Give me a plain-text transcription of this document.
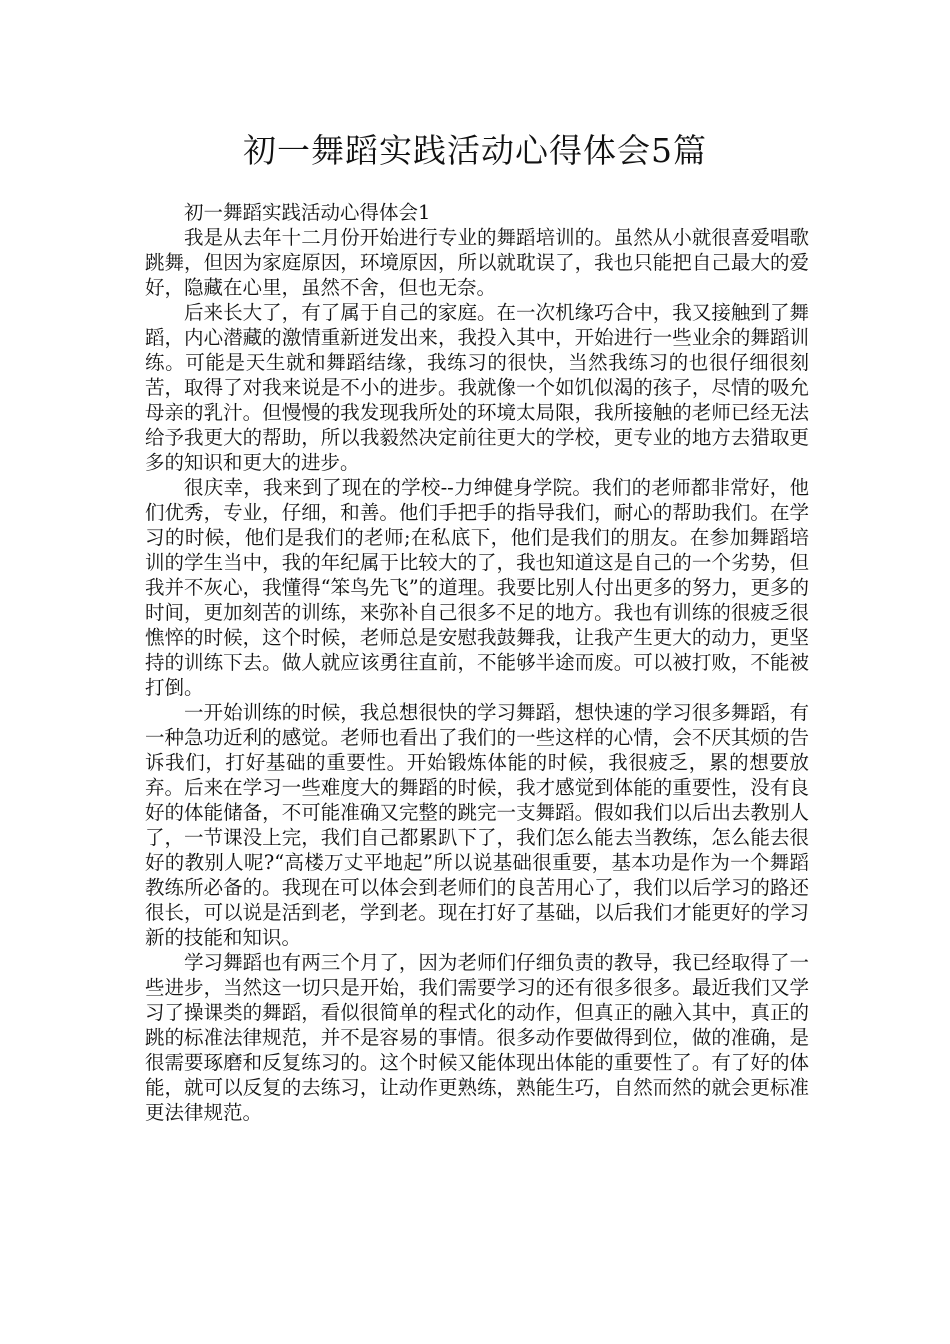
初一舞蹈实践活动心得体会5篇

初一舞蹈实践活动心得体会1

我是从去年十二月份开始进行专业的舞蹈培训的。虽然从小就很喜爱唱歌跳舞，但因为家庭原因，环境原因，所以就耽误了，我也只能把自己最大的爱好，隐藏在心里，虽然不舍，但也无奈。

后来长大了，有了属于自己的家庭。在一次机缘巧合中，我又接触到了舞蹈，内心潜藏的激情重新迸发出来，我投入其中，开始进行一些业余的舞蹈训练。可能是天生就和舞蹈结缘，我练习的很快，当然我练习的也很仔细很刻苦，取得了对我来说是不小的进步。我就像一个如饥似渴的孩子，尽情的吸允母亲的乳汁。但慢慢的我发现我所处的环境太局限，我所接触的老师已经无法给予我更大的帮助，所以我毅然决定前往更大的学校，更专业的地方去猎取更多的知识和更大的进步。

很庆幸，我来到了现在的学校--力绅健身学院。我们的老师都非常好，他们优秀，专业，仔细，和善。他们手把手的指导我们，耐心的帮助我们。在学习的时候，他们是我们的老师;在私底下，他们是我们的朋友。在参加舞蹈培训的学生当中，我的年纪属于比较大的了，我也知道这是自己的一个劣势，但我并不灰心，我懂得“笨鸟先飞”的道理。我要比别人付出更多的努力，更多的时间，更加刻苦的训练，来弥补自己很多不足的地方。我也有训练的很疲乏很憔悴的时候，这个时候，老师总是安慰我鼓舞我，让我产生更大的动力，更坚持的训练下去。做人就应该勇往直前，不能够半途而废。可以被打败，不能被打倒。

一开始训练的时候，我总想很快的学习舞蹈，想快速的学习很多舞蹈，有一种急功近利的感觉。老师也看出了我们的一些这样的心情，会不厌其烦的告诉我们，打好基础的重要性。开始锻炼体能的时候，我很疲乏，累的想要放弃。后来在学习一些难度大的舞蹈的时候，我才感觉到体能的重要性，没有良好的体能储备，不可能准确又完整的跳完一支舞蹈。假如我们以后出去教别人了，一节课没上完，我们自己都累趴下了，我们怎么能去当教练，怎么能去很好的教别人呢?“高楼万丈平地起”所以说基础很重要，基本功是作为一个舞蹈教练所必备的。我现在可以体会到老师们的良苦用心了，我们以后学习的路还很长，可以说是活到老，学到老。现在打好了基础，以后我们才能更好的学习新的技能和知识。

学习舞蹈也有两三个月了，因为老师们仔细负责的教导，我已经取得了一些进步，当然这一切只是开始，我们需要学习的还有很多很多。最近我们又学习了操课类的舞蹈，看似很简单的程式化的动作，但真正的融入其中，真正的跳的标准法律规范，并不是容易的事情。很多动作要做得到位，做的准确，是很需要琢磨和反复练习的。这个时候又能体现出体能的重要性了。有了好的体能，就可以反复的去练习，让动作更熟练，熟能生巧，自然而然的就会更标准更法律规范。
